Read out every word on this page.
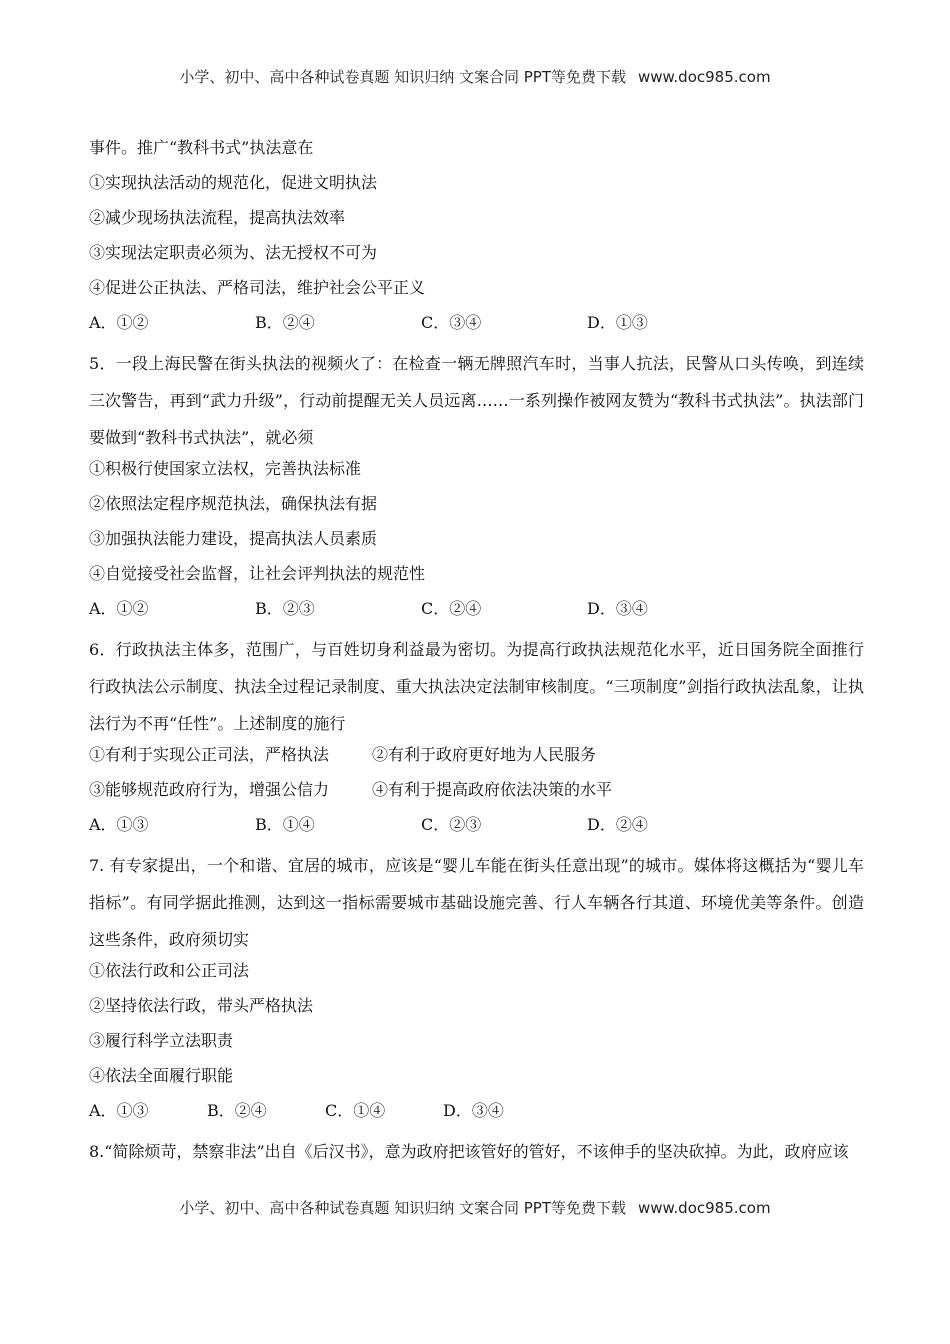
小学、初中、高中各种试卷真题 知识归纳 文案合同 PPT等免费下载 www.doc985.com
事件。推广“教科书式”执法意在
①实现执法活动的规范化，促进文明执法
②减少现场执法流程，提高执法效率
③实现法定职责必须为、法无授权不可为
④促进公正执法、严格司法，维护社会公平正义
A．①②	B．②④	C．③④	D．①③
5．一段上海民警在街头执法的视频火了：在检查一辆无牌照汽车时，当事人抗法，民警从口头传唤，到连续三次警告，再到“武力升级”，行动前提醒无关人员远离……一系列操作被网友赞为“教科书式执法”。执法部门要做到“教科书式执法”，就必须
①积极行使国家立法权，完善执法标准
②依照法定程序规范执法，确保执法有据
③加强执法能力建设，提高执法人员素质
④自觉接受社会监督，让社会评判执法的规范性
A．①②	B．②③	C．②④	D．③④
6．行政执法主体多，范围广，与百姓切身利益最为密切。为提高行政执法规范化水平，近日国务院全面推行行政执法公示制度、执法全过程记录制度、重大执法决定法制审核制度。“三项制度”剑指行政执法乱象，让执法行为不再“任性”。上述制度的施行
①有利于实现公正司法，严格执法	②有利于政府更好地为人民服务
③能够规范政府行为，增强公信力	④有利于提高政府依法决策的水平
A．①③	B．①④	C．②③	D．②④
7. 有专家提出，一个和谐、宜居的城市，应该是“婴儿车能在街头任意出现”的城市。媒体将这概括为“婴儿车指标”。有同学据此推测，达到这一指标需要城市基础设施完善、行人车辆各行其道、环境优美等条件。创造这些条件，政府须切实
①依法行政和公正司法
②坚持依法行政，带头严格执法
③履行科学立法职责
④依法全面履行职能
A．①③	B．②④	C．①④	D．③④
8.“简除烦苛，禁察非法”出自《后汉书》，意为政府把该管好的管好，不该伸手的坚决砍掉。为此，政府应该
小学、初中、高中各种试卷真题 知识归纳 文案合同 PPT等免费下载 www.doc985.com
